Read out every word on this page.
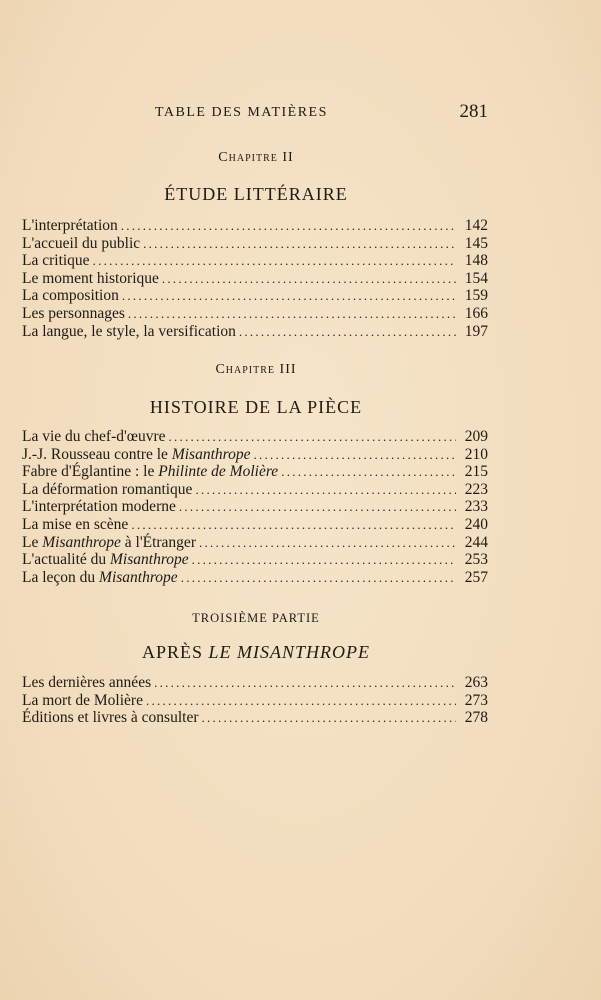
TABLE DES MATIÈRES	281
Chapitre II
ÉTUDE LITTÉRAIRE
L'interprétation . . .	142
L'accueil du public . . .	145
La critique . . .	148
Le moment historique . . .	154
La composition . . .	159
Les personnages . . .	166
La langue, le style, la versification . . .	197
Chapitre III
HISTOIRE DE LA PIÈCE
La vie du chef-d'œuvre . . .	209
J.-J. Rousseau contre le Misanthrope . . .	210
Fabre d'Églantine : le Philinte de Molière . . .	215
La déformation romantique . . .	223
L'interprétation moderne . . .	233
La mise en scène . . .	240
Le Misanthrope à l'Étranger . . .	244
L'actualité du Misanthrope . . .	253
La leçon du Misanthrope . . .	257
TROISIÈME PARTIE
APRÈS LE MISANTHROPE
Les dernières années . . .	263
La mort de Molière . . .	273
Éditions et livres à consulter . . .	278
